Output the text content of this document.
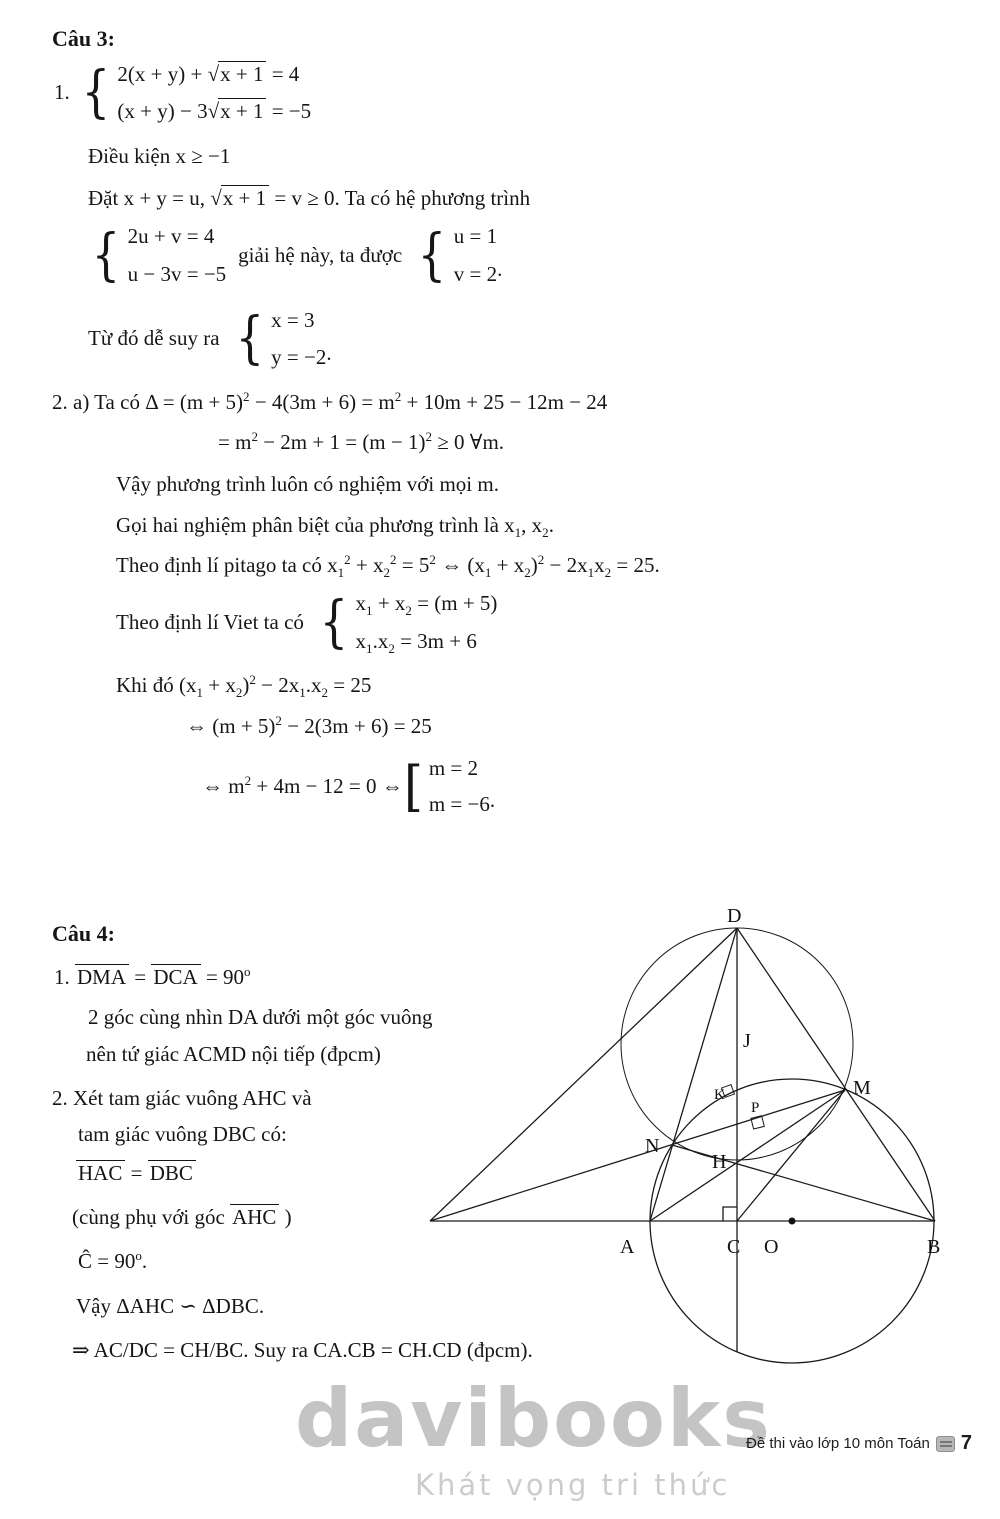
Câu 3:
1.
{ 2(x + y) + √x + 1 = 4
(x + y) − 3√x + 1 = −5
Điều kiện x ≥ −1
Đặt x + y = u, √x + 1 = v ≥ 0. Ta có hệ phương trình
{ 2u + v = 4
u − 3v = −5
giải hệ này, ta được
{ u = 1
v = 2 .
Từ đó dễ suy ra
{ x = 3
y = −2 .
2. a) Ta có $\Delta = (m + 5)^2 - 4(3m + 6) = m^2 + 10m + 25 - 12m - 24$
= $m^2 - 2m + 1 = (m - 1)^2 \ge 0$ ∀m.
Vậy phương trình luôn có nghiệm với mọi m.
Gọi hai nghiệm phân biệt của phương trình là $x_1$, $x_2$.
Theo định lí pitago ta có $x_1^2 + x_2^2 = 5^2$ ⇔ $(x_1 + x_2)^2 - 2x_1x_2 = 25$.
Theo định lí Viet ta có
{ $x_1 + x_2 = (m + 5)$
$x_1.x_2 = 3m + 6$
Khi đó $(x_1 + x_2)^2 - 2x_1.x_2 = 25$
⇔ $(m + 5)^2 - 2(3m + 6) = 25$
⇔ $m^2 + 4m - 12 = 0$ ⇔
[ m = 2
m = −6 .
D
J
K
P
N
H
M
A	C O	B
Câu 4:
1. DMA = DCA = $90^o$
2 góc cùng nhìn DA dưới một góc vuông
nên tứ giác ACMD nội tiếp (đpcm)
2. Xét tam giác vuông AHC và
tam giác vuông DBC có:
HAC = DBC
(cùng phụ với góc AHC )
Ĉ = $90^o$.
Vậy ΔAHC ∽ ΔDBC.
⇒ AC/DC = CH/BC. Suy ra CA.CB = CH.CD (đpcm).
davibooks
Khát vọng tri thức
Đề thi vào lớp 10 môn Toán 7
